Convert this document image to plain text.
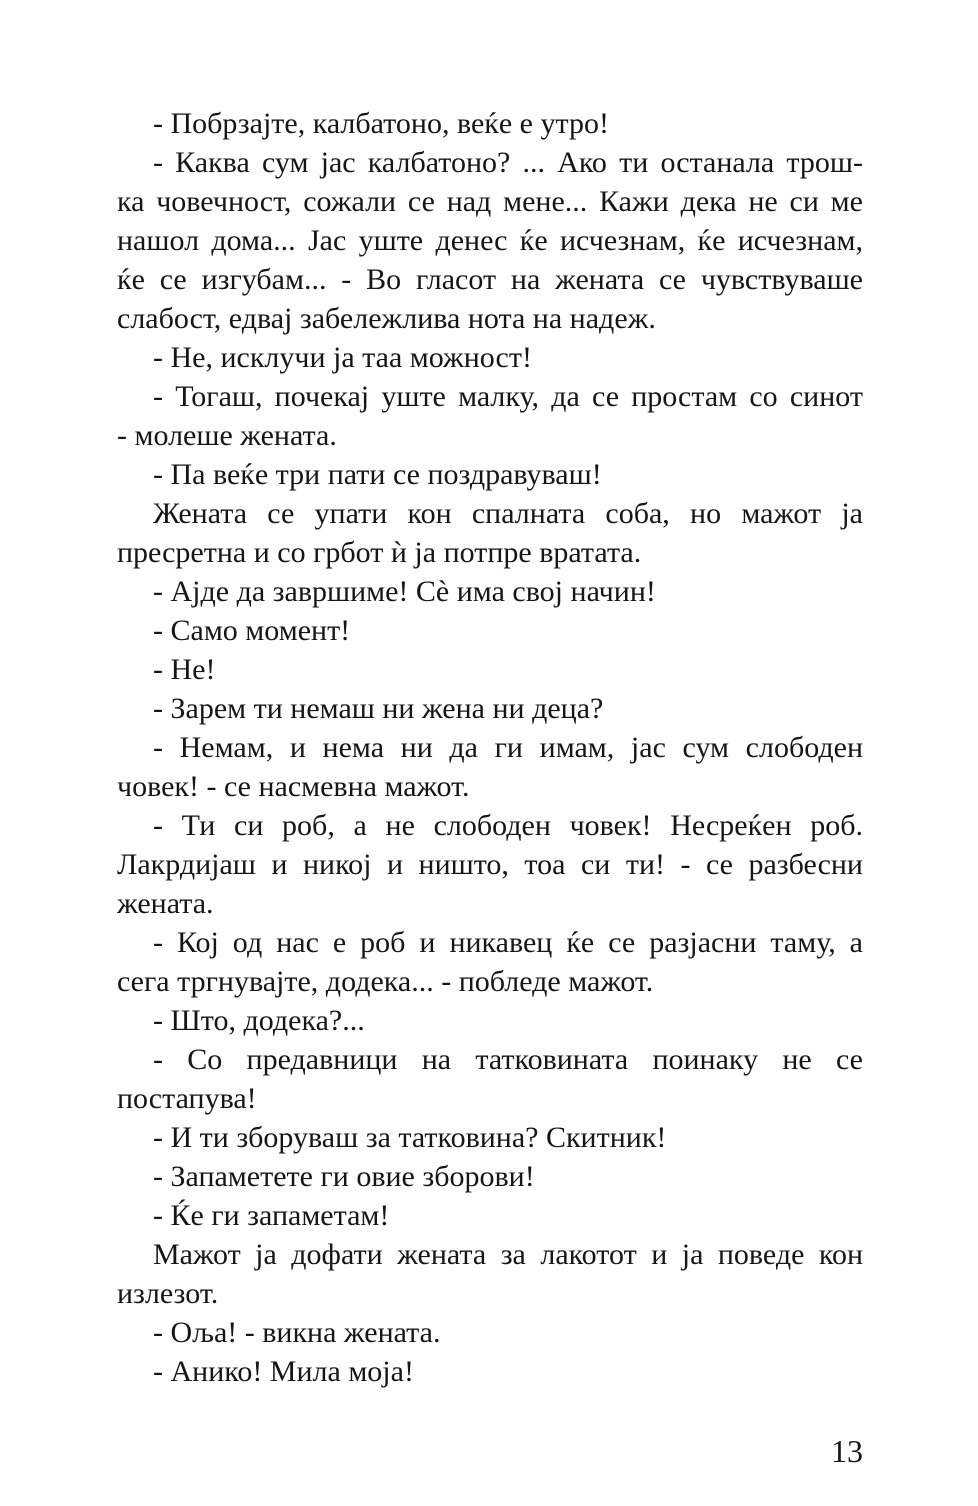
- Побрзајте, калбатоно, веќе е утро!
- Каква сум јас калбатоно? ... Ако ти останала трош-
ка човечност, сожали се над мене... Кажи дека не си ме
нашол дома... Јас уште денес ќе исчезнам, ќе исчезнам,
ќе се изгубам... - Во гласот на жената се чувствуваше
слабост, едвај забележлива нота на надеж.
- Не, исклучи ја таа можност!
- Тогаш, почекај уште малку, да се простам со синот
- молеше жената.
- Па веќе три пати се поздравуваш!
Жената се упати кон спалната соба, но мажот ја
пресретна и со грбот ѝ ја потпре вратата.
- Ајде да завршиме! Сè има свој начин!
- Само момент!
- Не!
- Зарем ти немаш ни жена ни деца?
- Немам, и нема ни да ги имам, јас сум слободен
човек! - се насмевна мажот.
- Ти си роб, а не слободен човек! Несреќен роб.
Лакрдијаш и никој и ништо, тоа си ти! - се разбесни
жената.
- Кој од нас е роб и никавец ќе се разјасни таму, а
сега тргнувајте, додека... - побледе мажот.
- Што, додека?...
- Со предавници на татковината поинаку не се
постапува!
- И ти зборуваш за татковина? Скитник!
- Запаметете ги овие зборови!
- Ќе ги запаметам!
Мажот ја дофати жената за лакотот и ја поведе кон
излезот.
- Оља! - викна жената.
- Анико! Мила моја!
13
